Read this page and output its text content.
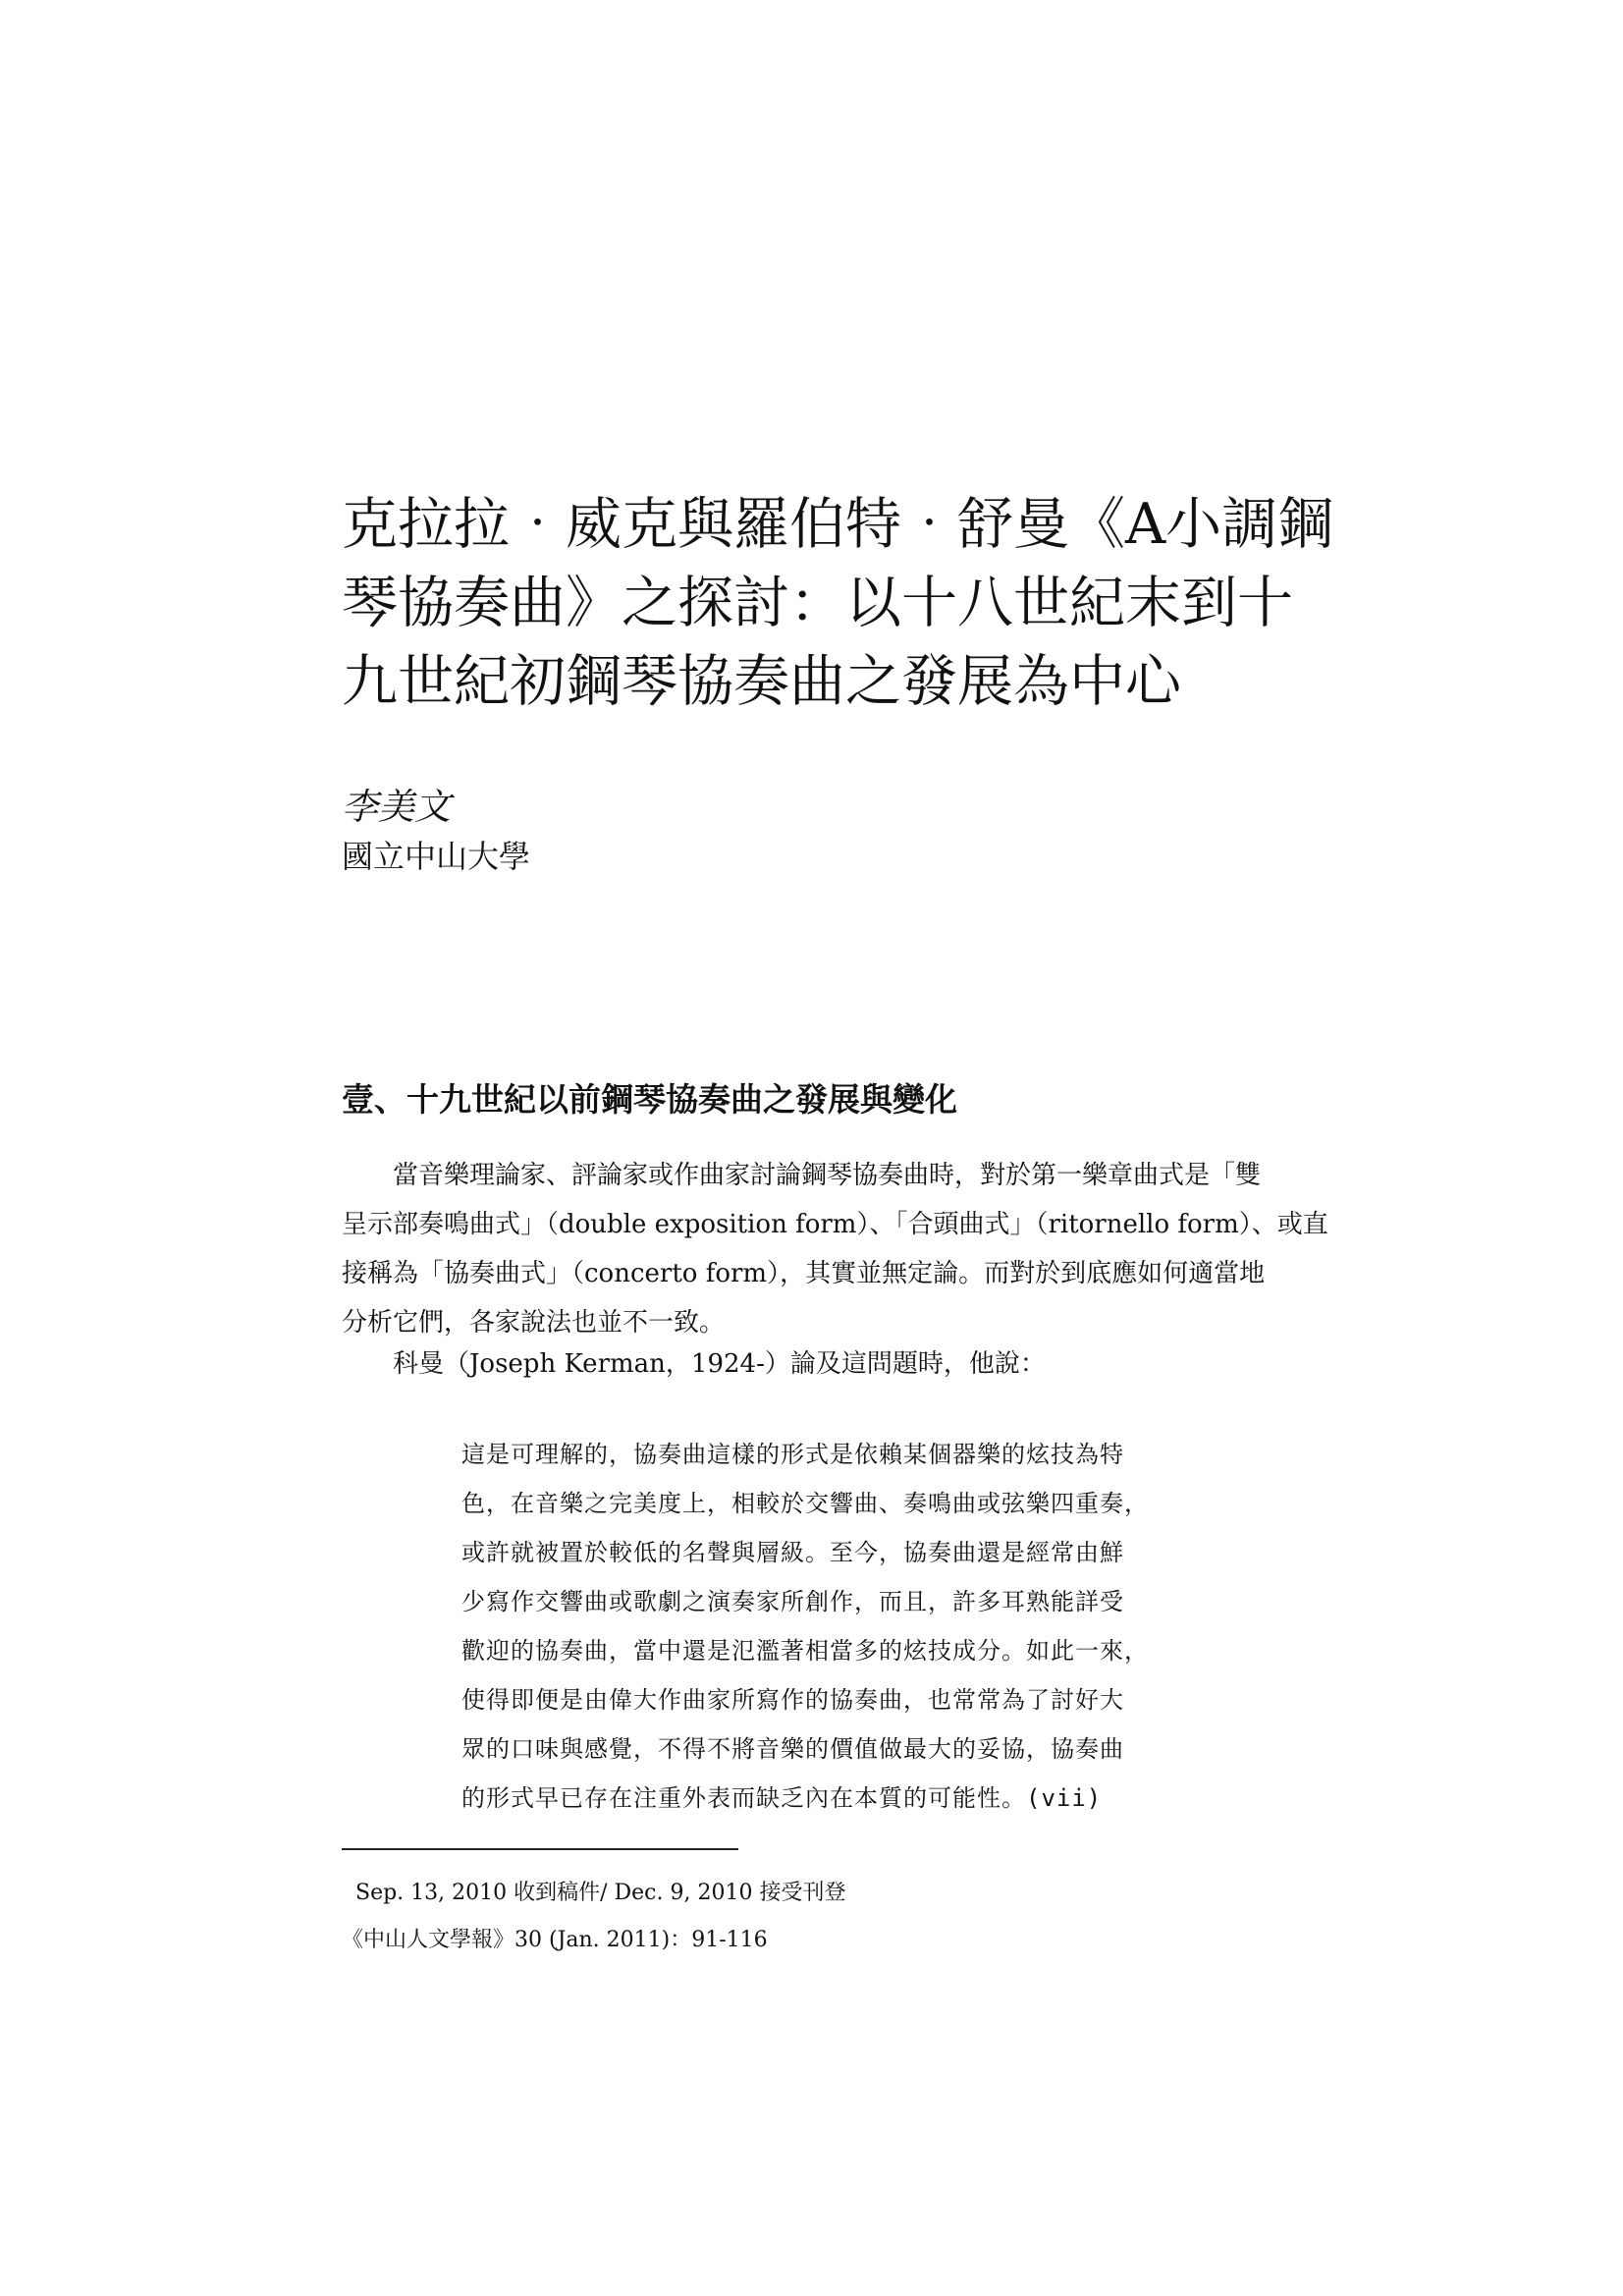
克拉拉‧威克與羅伯特‧舒曼《A小調鋼
琴協奏曲》之探討：以十八世紀末到十
九世紀初鋼琴協奏曲之發展為中心
李美文
國立中山大學
壹、十九世紀以前鋼琴協奏曲之發展與變化
　　當音樂理論家、評論家或作曲家討論鋼琴協奏曲時，對於第一樂章曲式是「雙
呈示部奏鳴曲式」（double exposition form）、「合頭曲式」（ritornello form）、或直
接稱為「協奏曲式」（concerto form），其實並無定論。而對於到底應如何適當地
分析它們，各家說法也並不一致。
　　科曼（Joseph Kerman，1924-）論及這問題時，他說：
這是可理解的，協奏曲這樣的形式是依賴某個器樂的炫技為特
色，在音樂之完美度上，相較於交響曲、奏鳴曲或弦樂四重奏，
或許就被置於較低的名聲與層級。至今，協奏曲還是經常由鮮
少寫作交響曲或歌劇之演奏家所創作，而且，許多耳熟能詳受
歡迎的協奏曲，當中還是氾濫著相當多的炫技成分。如此一來，
使得即便是由偉大作曲家所寫作的協奏曲，也常常為了討好大
眾的口味與感覺，不得不將音樂的價值做最大的妥協，協奏曲
的形式早已存在注重外表而缺乏內在本質的可能性。(vii)
Sep. 13, 2010 收到稿件/ Dec. 9, 2010 接受刊登
《中山人文學報》30 (Jan. 2011)：91-116
